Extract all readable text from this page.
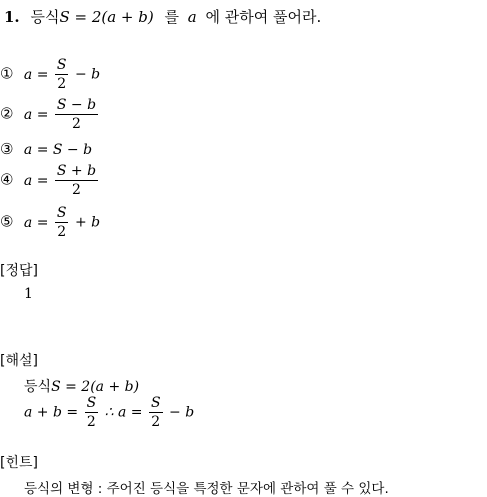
1. 등식S = 2(a + b) 를 a 에 관하여 풀어라.
① $a = \frac{S}{2} - b$
② $a = \frac{S - b}{2}$
③ a = S − b
④ $a = \frac{S + b}{2}$
⑤ $a = \frac{S}{2} + b$
[정답]
1
[해설]
등식S = 2(a + b)
$a + b = \frac{S}{2}$ ∴ $a = \frac{S}{2} - b$
[힌트]
등식의 변형 : 주어진 등식을 특정한 문자에 관하여 풀 수 있다.
